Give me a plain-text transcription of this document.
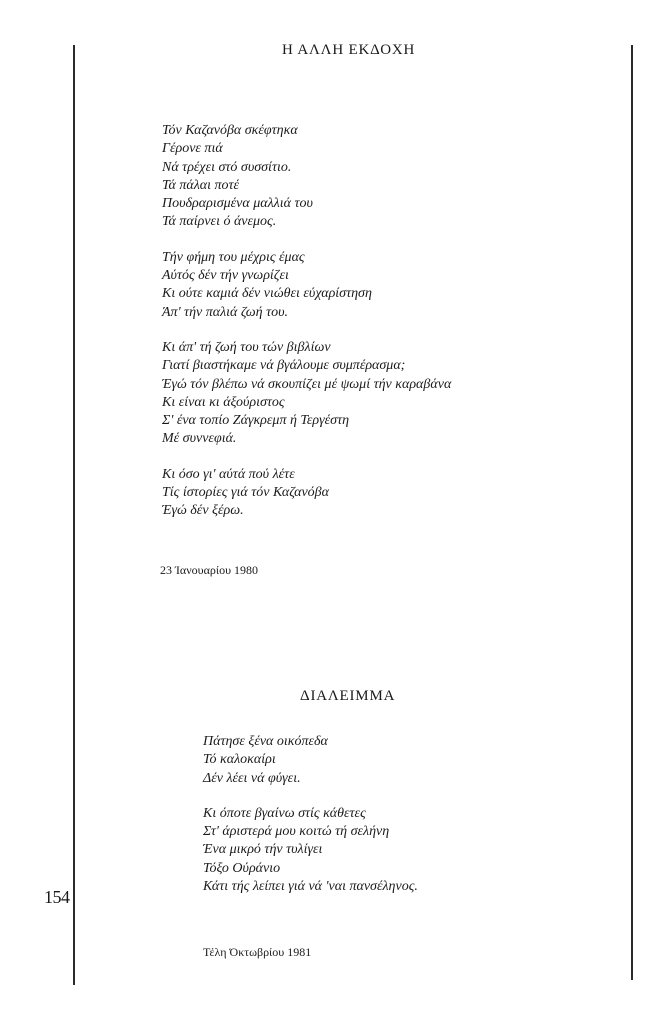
154
Η ΑΛΛΗ ΕΚΔΟΧΗ
Τόν Καζανόβα σκέφτηκα
Γέρονε πιά
Νά τρέχει στό συσσίτιο.
Τά πάλαι ποτέ
Πουδραρισμένα μαλλιά του
Τά παίρνει ό άνεμος.
Τήν φήμη του μέχρις έμας
Αύτός δέν τήν γνωρίζει
Κι ούτε καμιά δέν νιώθει εύχαρίστηση
Άπ' τήν παλιά ζωή του.
Κι άπ' τή ζωή του τών βιβλίων
Γιατί βιαστήκαμε νά βγάλουμε συμπέρασμα;
Έγώ τόν βλέπω νά σκουπίζει μέ ψωμί τήν καραβάνα
Κι είναι κι άξούριστος
Σ' ένα τοπίο Ζάγκρεμπ ή Τεργέστη
Μέ συννεφιά.
Κι όσο γι' αύτά πού λέτε
Τίς ίστορίες γιά τόν Καζανόβα
Έγώ δέν ξέρω.
23 Ίανουαρίου 1980
ΔΙΑΛΕΙΜΜΑ
Πάτησε ξένα οικόπεδα
Τό καλοκαίρι
Δέν λέει νά φύγει.
Κι όποτε βγαίνω στίς κάθετες
Στ' άριστερά μου κοιτώ τή σελήνη
Ένα μικρό τήν τυλίγει
Τόξο Ούράνιο
Κάτι τής λείπει γιά νά 'ναι πανσέληνος.
Τέλη Όκτωβρίου 1981
